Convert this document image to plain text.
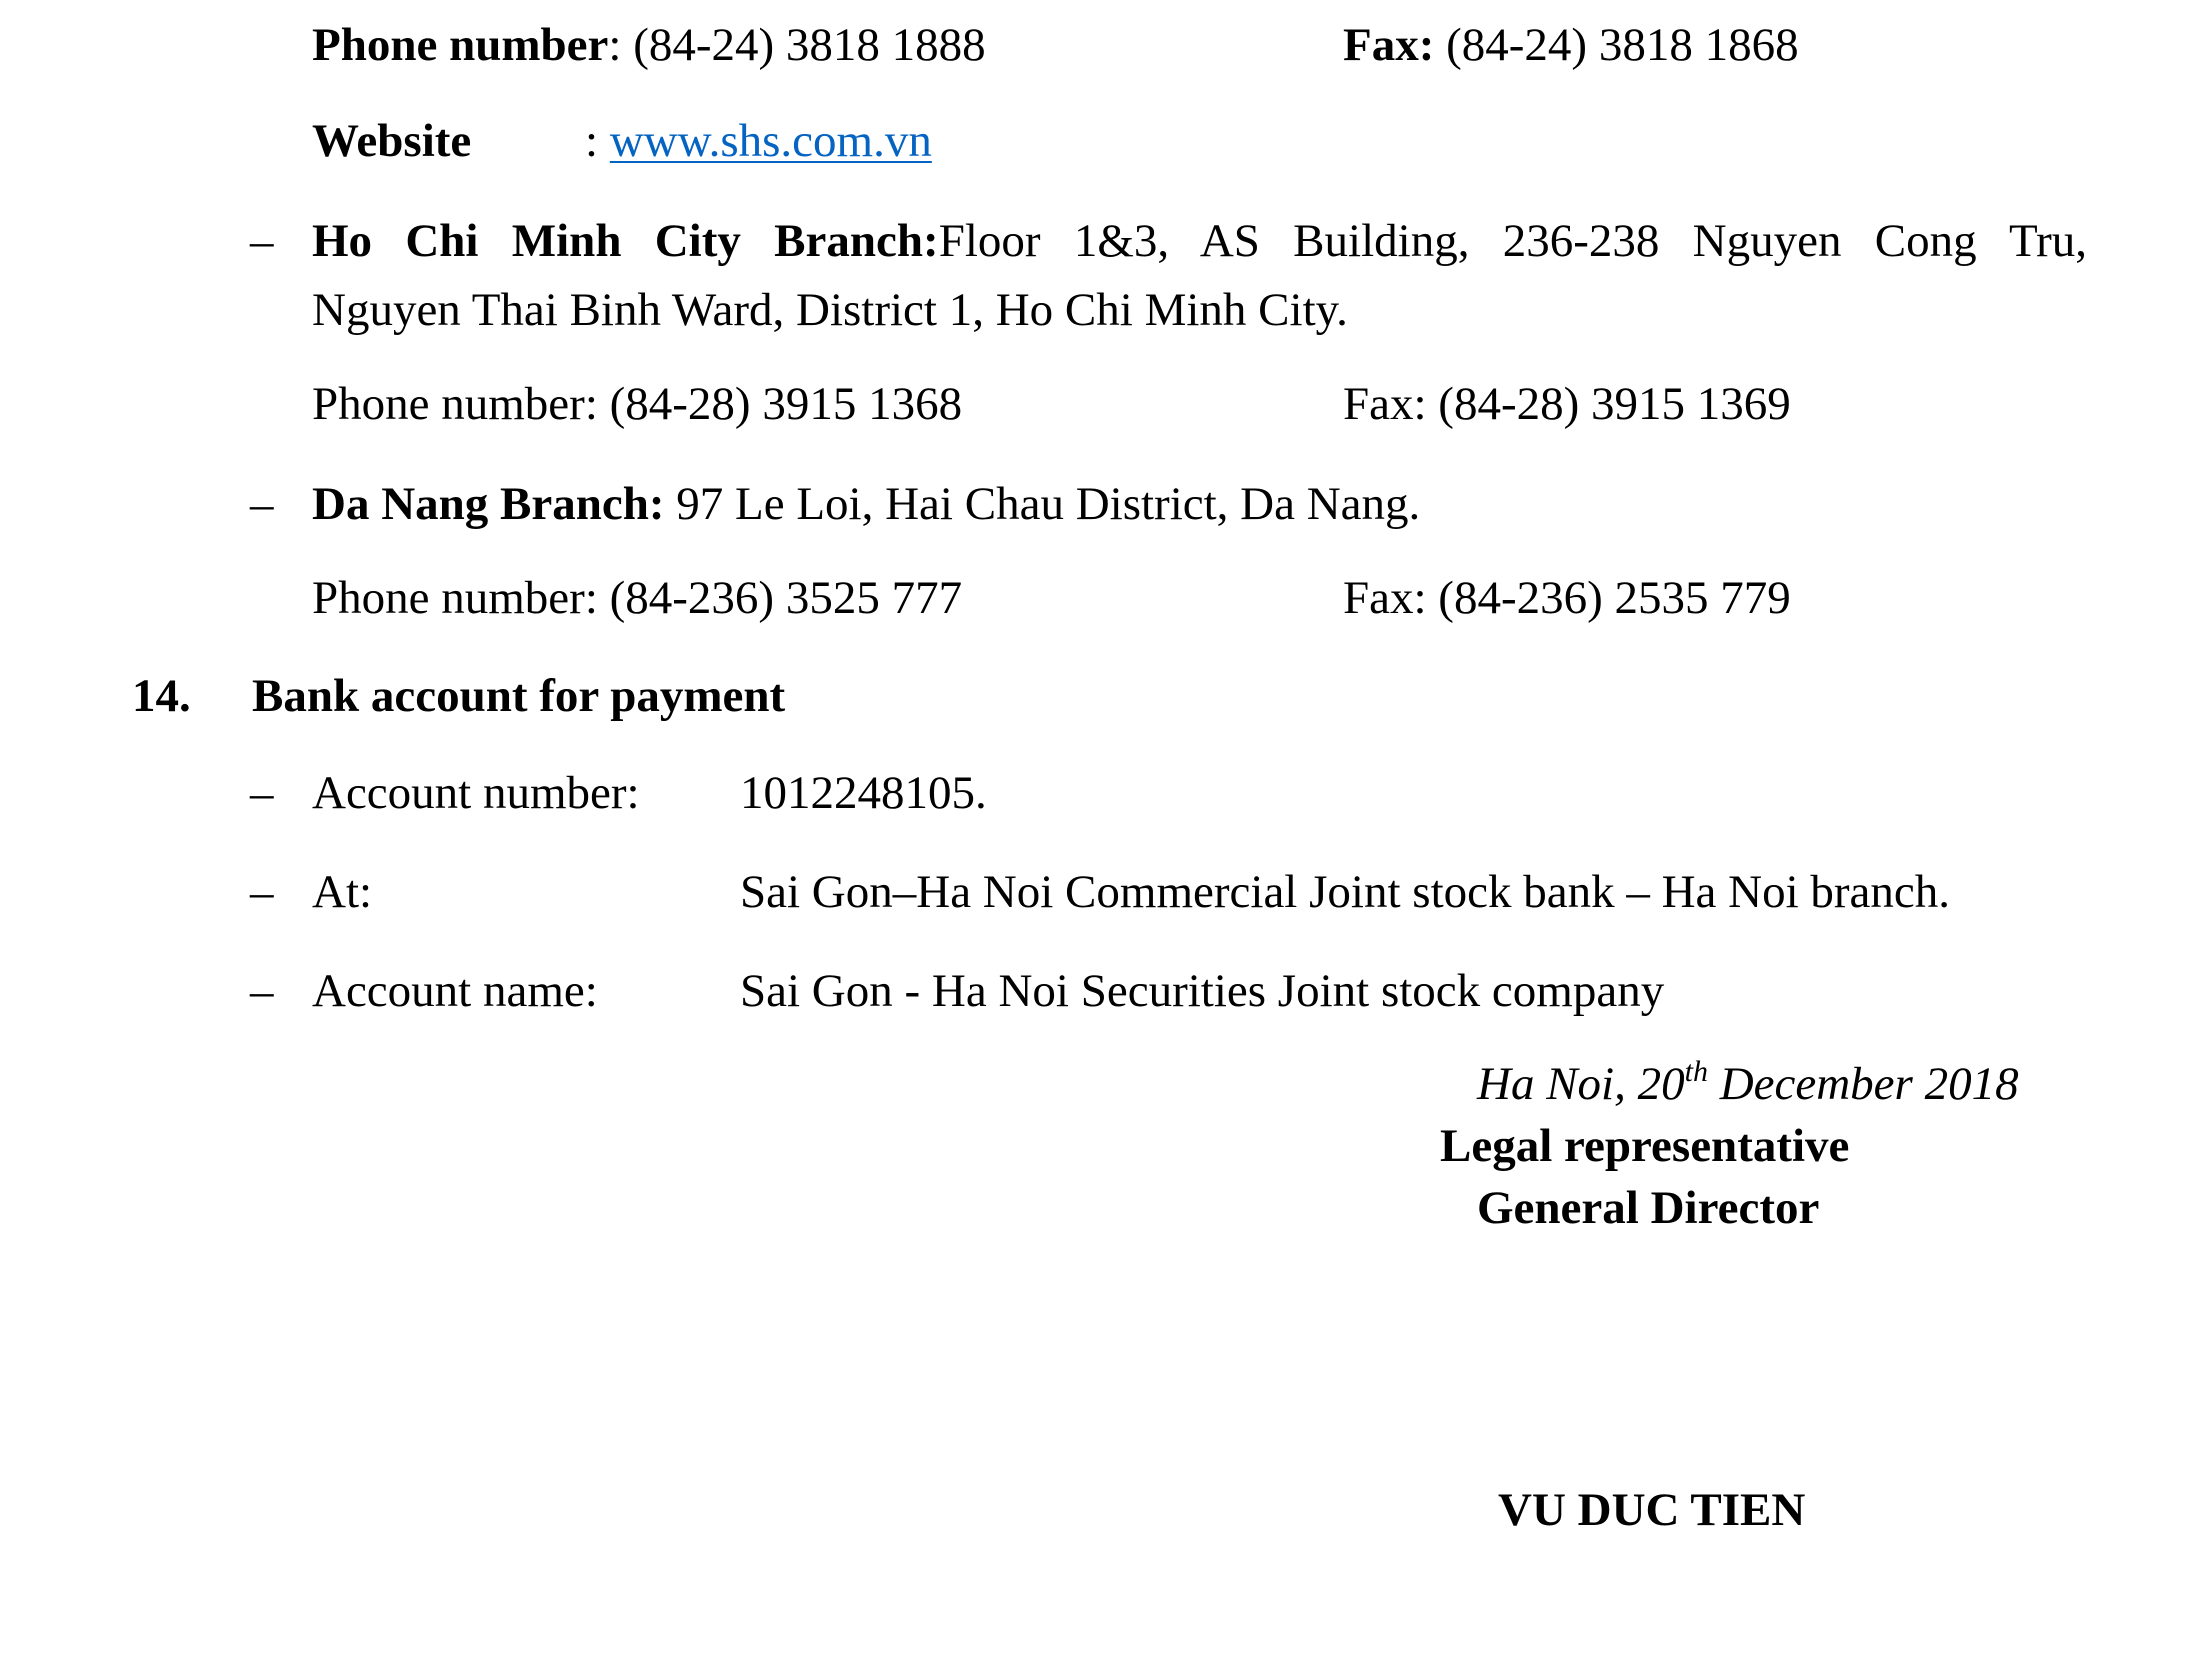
Phone number: (84-24) 3818 1888	Fax: (84-24) 3818 1868
Website : www.shs.com.vn
– Ho Chi Minh City Branch:Floor 1&3, AS Building, 236-238 Nguyen Cong Tru,
Nguyen Thai Binh Ward, District 1, Ho Chi Minh City.
Phone number: (84-28) 3915 1368	Fax: (84-28) 3915 1369
– Da Nang Branch: 97 Le Loi, Hai Chau District, Da Nang.
Phone number: (84-236) 3525 777	Fax: (84-236) 2535 779
14. Bank account for payment
– Account number: 1012248105.
– At:	Sai Gon–Ha Noi Commercial Joint stock bank – Ha Noi branch.
– Account name:	Sai Gon - Ha Noi Securities Joint stock company
Ha Noi, 20th December 2018
Legal representative
General Director
VU DUC TIEN
